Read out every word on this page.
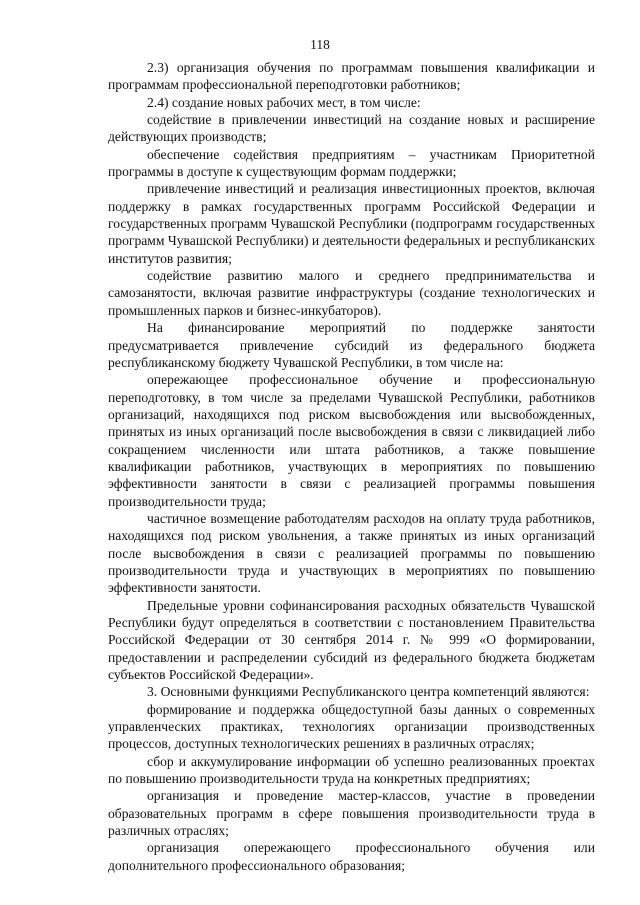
118

2.3) организация обучения по программам повышения квалификации и программам профессиональной переподготовки работников;

2.4) создание новых рабочих мест, в том числе:

содействие в привлечении инвестиций на создание новых и расширение действующих производств;

обеспечение содействия предприятиям – участникам Приоритетной программы в доступе к существующим формам поддержки;

привлечение инвестиций и реализация инвестиционных проектов, включая поддержку в рамках государственных программ Российской Федерации и государственных программ Чувашской Республики (подпрограмм государственных программ Чувашской Республики) и деятельности федеральных и республиканских институтов развития;

содействие развитию малого и среднего предпринимательства и самозанятости, включая развитие инфраструктуры (создание технологических и промышленных парков и бизнес-инкубаторов).

На финансирование мероприятий по поддержке занятости предусматривается привлечение субсидий из федерального бюджета республиканскому бюджету Чувашской Республики, в том числе на:

опережающее профессиональное обучение и профессиональную переподготовку, в том числе за пределами Чувашской Республики, работников организаций, находящихся под риском высвобождения или высвобожденных, принятых из иных организаций после высвобождения в связи с ликвидацией либо сокращением численности или штата работников, а также повышение квалификации работников, участвующих в мероприятиях по повышению эффективности занятости в связи с реализацией программы повышения производительности труда;

частичное возмещение работодателям расходов на оплату труда работников, находящихся под риском увольнения, а также принятых из иных организаций после высвобождения в связи с реализацией программы по повышению производительности труда и участвующих в мероприятиях по повышению эффективности занятости.

Предельные уровни софинансирования расходных обязательств Чувашской Республики будут определяться в соответствии с постановлением Правительства Российской Федерации от 30 сентября 2014 г. № 999 «О формировании, предоставлении и распределении субсидий из федерального бюджета бюджетам субъектов Российской Федерации».

3. Основными функциями Республиканского центра компетенций являются:

формирование и поддержка общедоступной базы данных о современных управленческих практиках, технологиях организации производственных процессов, доступных технологических решениях в различных отраслях;

сбор и аккумулирование информации об успешно реализованных проектах по повышению производительности труда на конкретных предприятиях;

организация и проведение мастер-классов, участие в проведении образовательных программ в сфере повышения производительности труда в различных отраслях;

организация опережающего профессионального обучения или дополнительного профессионального образования;
